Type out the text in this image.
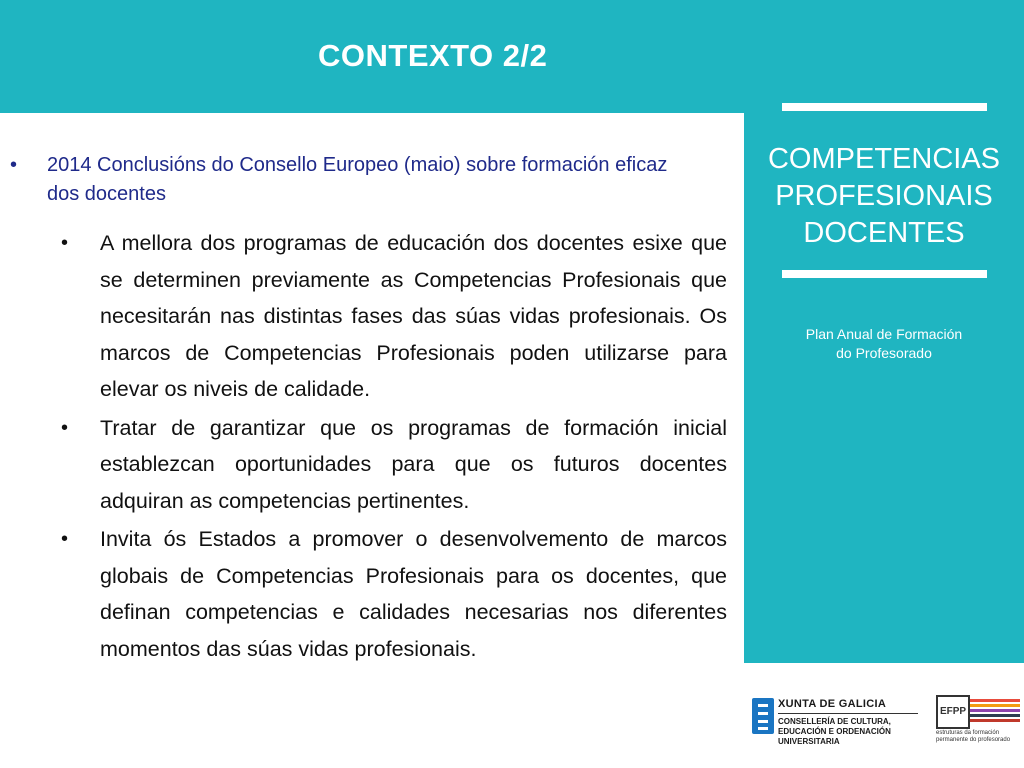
CONTEXTO 2/2
COMPETENCIAS
PROFESIONAIS
DOCENTES
Plan Anual de Formación
do Profesorado
• 2014 Conclusións do Consello Europeo (maio) sobre formación eficaz dos docentes
• A mellora dos programas de educación dos docentes esixe que se determinen previamente as Competencias Profesionais que necesitarán nas distintas fases das súas vidas profesionais. Os marcos de Competencias Profesionais poden utilizarse para elevar os niveis de calidade.
• Tratar de garantizar que os programas de formación inicial establezcan oportunidades para que os futuros docentes adquiran as competencias pertinentes.
• Invita ós Estados a promover o desenvolvemento de marcos globais de Competencias Profesionais para os docentes, que definan competencias e calidades necesarias nos diferentes momentos das súas vidas profesionais.
XUNTA DE GALICIA
CONSELLERÍA DE CULTURA, EDUCACIÓN E ORDENACIÓN UNIVERSITARIA
EFPP
estruturas da formación permanente do profesorado
